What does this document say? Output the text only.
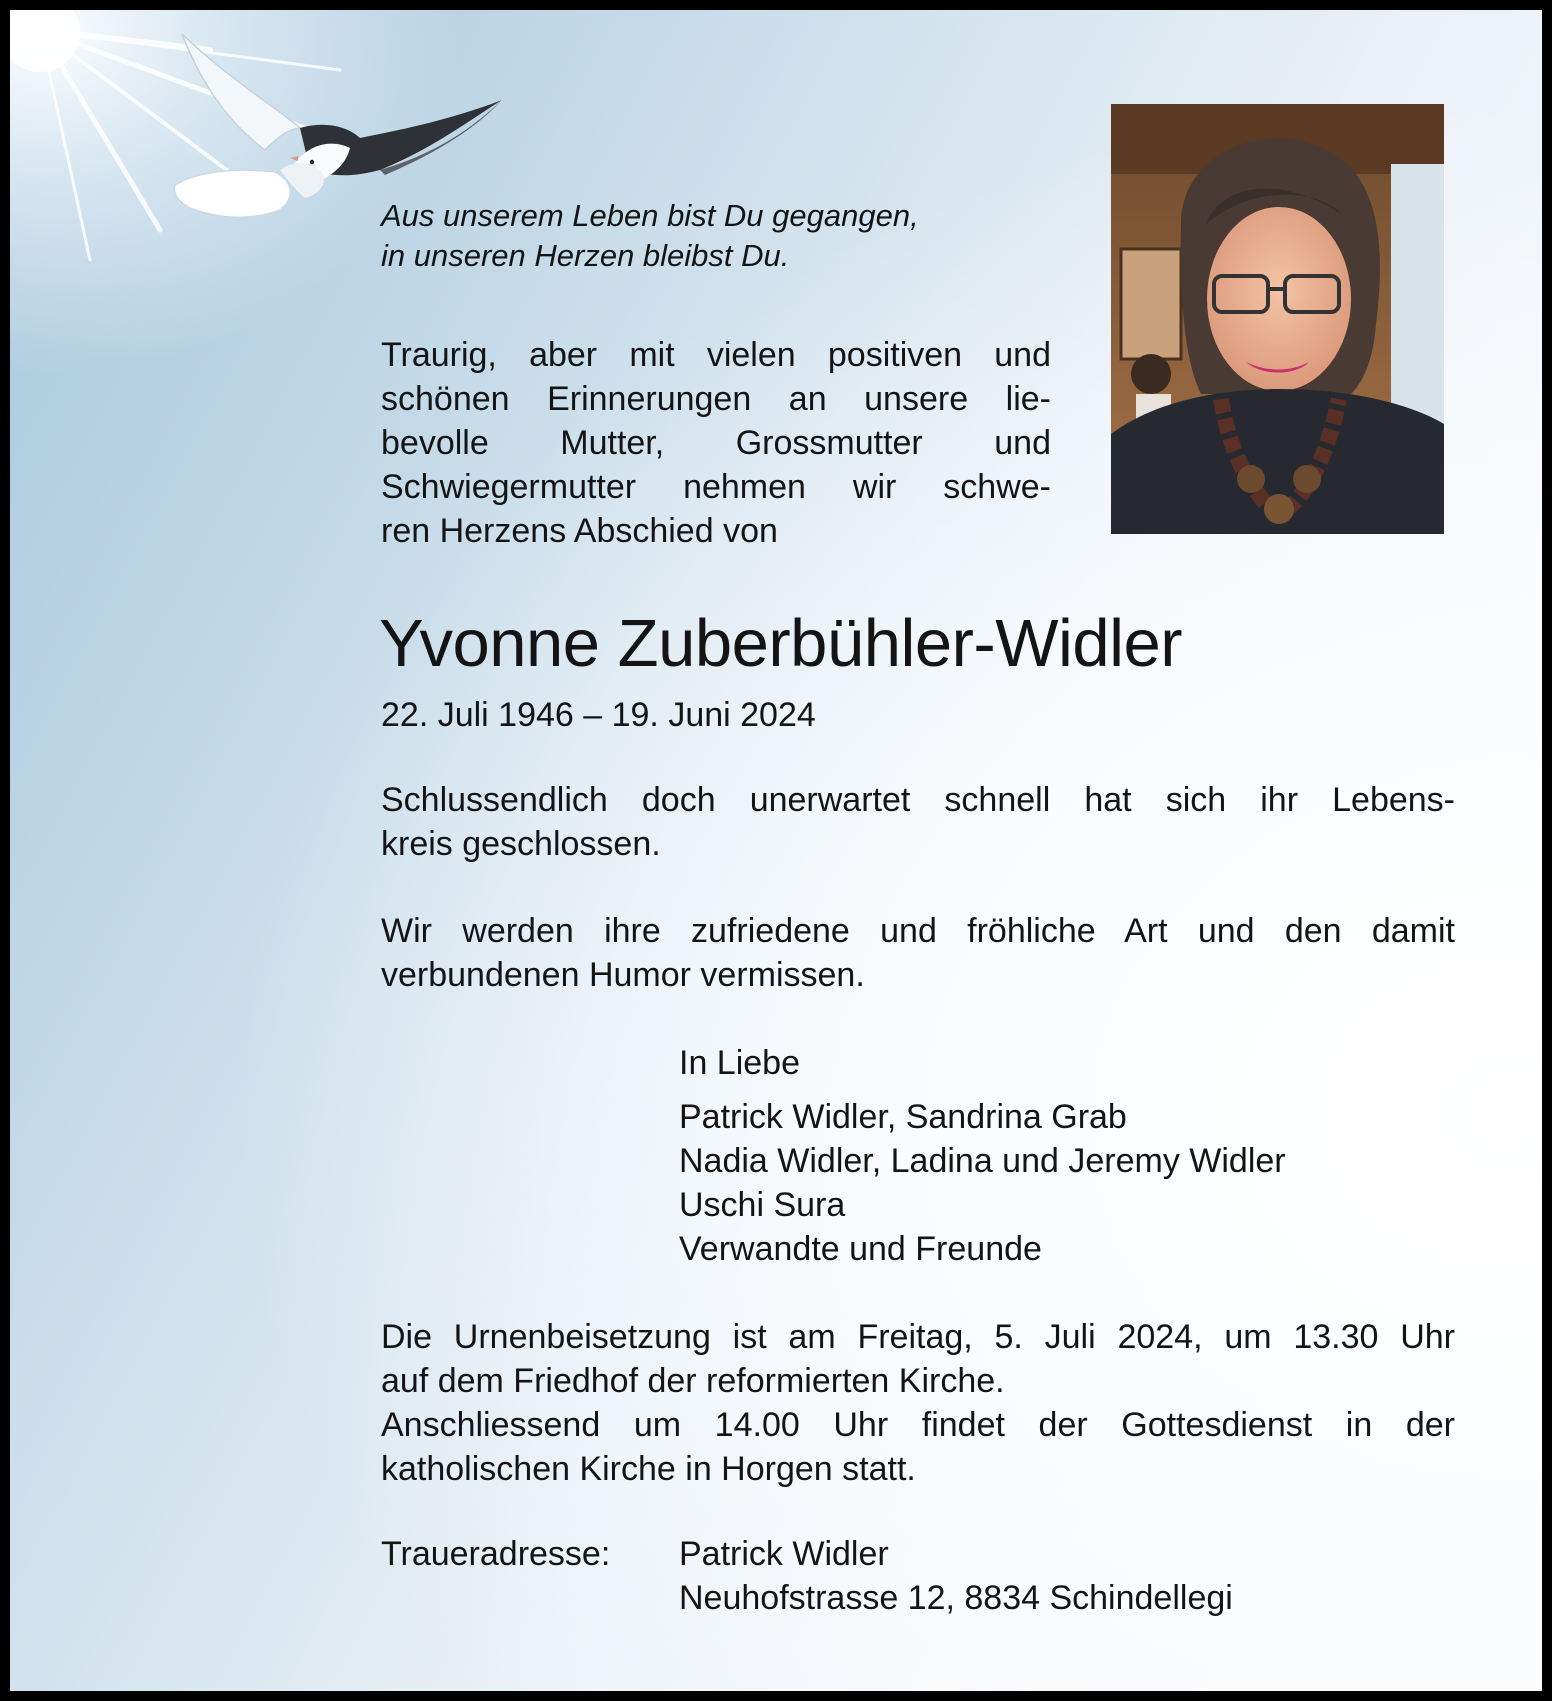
Aus unserem Leben bist Du gegangen,
in unseren Herzen bleibst Du.
Traurig, aber mit vielen positiven und
schönen Erinnerungen an unsere lie-
bevolle Mutter, Grossmutter und
Schwiegermutter nehmen wir schwe-
ren Herzens Abschied von
Yvonne Zuberbühler-Widler
22. Juli 1946 – 19. Juni 2024
Schlussendlich doch unerwartet schnell hat sich ihr Lebens-
kreis geschlossen.
Wir werden ihre zufriedene und fröhliche Art und den damit
verbundenen Humor vermissen.
In Liebe
Patrick Widler, Sandrina Grab
Nadia Widler, Ladina und Jeremy Widler
Uschi Sura
Verwandte und Freunde
Die Urnenbeisetzung ist am Freitag, 5. Juli 2024, um 13.30 Uhr
auf dem Friedhof der reformierten Kirche.
Anschliessend um 14.00 Uhr findet der Gottesdienst in der
katholischen Kirche in Horgen statt.
Traueradresse: Patrick Widler
Neuhofstrasse 12, 8834 Schindellegi
